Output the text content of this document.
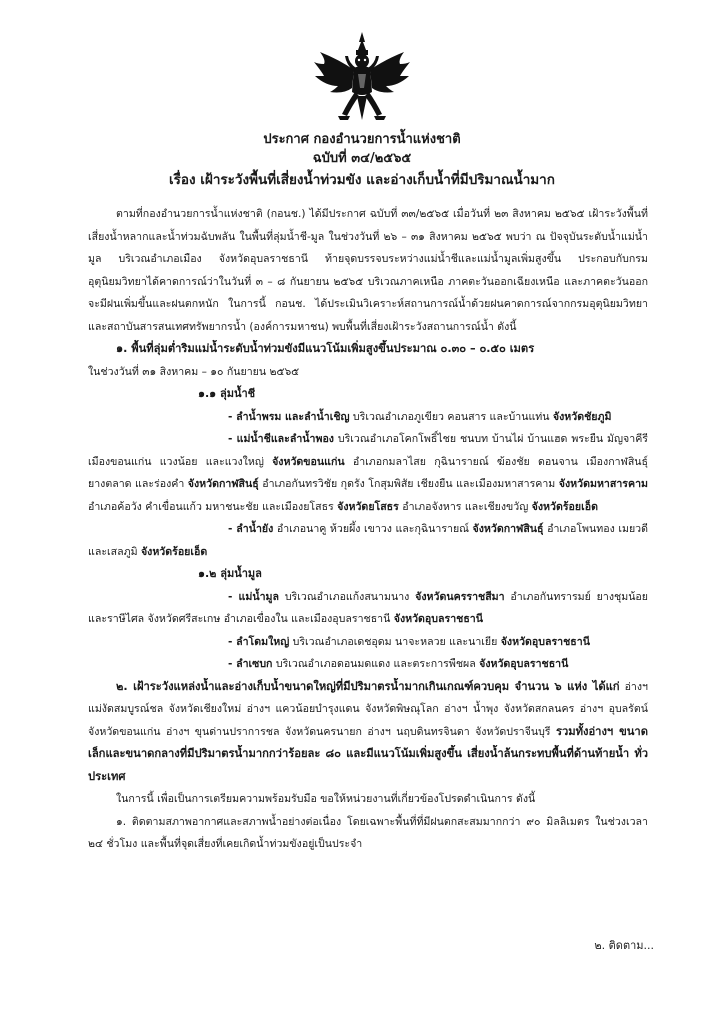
ประกาศ กองอำนวยการน้ำแห่งชาติ
ฉบับที่ ๓๔/๒๕๖๕
เรื่อง เฝ้าระวังพื้นที่เสี่ยงน้ำท่วมขัง และอ่างเก็บน้ำที่มีปริมาณน้ำมาก

ตามที่กองอำนวยการน้ำแห่งชาติ (กอนช.) ได้มีประกาศ ฉบับที่ ๓๓/๒๕๖๕ เมื่อวันที่ ๒๓ สิงหาคม ๒๕๖๕ เฝ้าระวังพื้นที่เสี่ยงน้ำหลากและน้ำท่วมฉับพลัน ในพื้นที่ลุ่มน้ำชี-มูล ในช่วงวันที่ ๒๖ – ๓๑ สิงหาคม ๒๕๖๕ พบว่า ณ ปัจจุบันระดับน้ำแม่น้ำมูล บริเวณอำเภอเมือง จังหวัดอุบลราชธานี ท้ายจุดบรรจบระหว่างแม่น้ำชีและแม่น้ำมูลเพิ่มสูงขึ้น ประกอบกับกรมอุตุนิยมวิทยาได้คาดการณ์ว่าในวันที่ ๓ – ๘ กันยายน ๒๕๖๕ บริเวณภาคเหนือ ภาคตะวันออกเฉียงเหนือ และภาคตะวันออก จะมีฝนเพิ่มขึ้นและฝนตกหนัก ในการนี้ กอนช. ได้ประเมินวิเคราะห์สถานการณ์น้ำด้วยฝนคาดการณ์จากกรมอุตุนิยมวิทยา และสถาบันสารสนเทศทรัพยากรน้ำ (องค์การมหาชน) พบพื้นที่เสี่ยงเฝ้าระวังสถานการณ์น้ำ ดังนี้

๑. พื้นที่ลุ่มต่ำริมแม่น้ำระดับน้ำท่วมขังมีแนวโน้มเพิ่มสูงขึ้นประมาณ ๐.๓๐ – ๐.๕๐ เมตร

ในช่วงวันที่ ๓๑ สิงหาคม – ๑๐ กันยายน ๒๕๖๕

๑.๑ ลุ่มน้ำชี

- ลำน้ำพรม และลำน้ำเชิญ บริเวณอำเภอภูเขียว คอนสาร และบ้านแท่น จังหวัดชัยภูมิ

- แม่น้ำชีและลำน้ำพอง บริเวณอำเภอโคกโพธิ์ไชย ชนบท บ้านไผ่ บ้านแฮด พระยืน มัญจาคีรี เมืองขอนแก่น แวงน้อย และแวงใหญ่ จังหวัดขอนแก่น อำเภอกมลาไสย กุฉินารายณ์ ฆ้องชัย ดอนจาน เมืองกาฬสินธุ์ ยางตลาด และร่องคำ จังหวัดกาฬสินธุ์ อำเภอกันทรวิชัย กุดรัง โกสุมพิสัย เชียงยืน และเมืองมหาสารคาม จังหวัดมหาสารคาม อำเภอค้อวัง คำเขื่อนแก้ว มหาชนะชัย และเมืองยโสธร จังหวัดยโสธร อำเภอจังหาร และเชียงขวัญ จังหวัดร้อยเอ็ด

- ลำน้ำยัง อำเภอนาคู ห้วยผึ้ง เขาวง และกุฉินารายณ์ จังหวัดกาฬสินธุ์ อำเภอโพนทอง เมยวดี และเสลภูมิ จังหวัดร้อยเอ็ด

๑.๒ ลุ่มน้ำมูล

- แม่น้ำมูล บริเวณอำเภอแก้งสนามนาง จังหวัดนครราชสีมา อำเภอกันทรารมย์ ยางชุมน้อย และราษีไศล จังหวัดศรีสะเกษ อำเภอเขื่องใน และเมืองอุบลราชธานี จังหวัดอุบลราชธานี

- ลำโดมใหญ่ บริเวณอำเภอเดชอุดม นาจะหลวย และนาเยีย จังหวัดอุบลราชธานี

- ลำเซบก บริเวณอำเภอดอนมดแดง และตระการพืชผล จังหวัดอุบลราชธานี

๒. เฝ้าระวังแหล่งน้ำและอ่างเก็บน้ำขนาดใหญ่ที่มีปริมาตรน้ำมากเกินเกณฑ์ควบคุม จำนวน ๖ แห่ง ได้แก่ อ่างฯ แม่งัดสมบูรณ์ชล จังหวัดเชียงใหม่ อ่างฯ แควน้อยบำรุงแดน จังหวัดพิษณุโลก อ่างฯ น้ำพุง จังหวัดสกลนคร อ่างฯ อุบลรัตน์ จังหวัดขอนแก่น อ่างฯ ขุนด่านปราการชล จังหวัดนครนายก อ่างฯ นฤบดินทรจินดา จังหวัดปราจีนบุรี รวมทั้งอ่างฯ ขนาดเล็กและขนาดกลางที่มีปริมาตรน้ำมากกว่าร้อยละ ๘๐ และมีแนวโน้มเพิ่มสูงขึ้น เสี่ยงน้ำล้นกระทบพื้นที่ด้านท้ายน้ำ ทั่วประเทศ

ในการนี้ เพื่อเป็นการเตรียมความพร้อมรับมือ ขอให้หน่วยงานที่เกี่ยวข้องโปรดดำเนินการ ดังนี้

๑. ติดตามสภาพอากาศและสภาพน้ำอย่างต่อเนื่อง โดยเฉพาะพื้นที่ที่มีฝนตกสะสมมากกว่า ๙๐ มิลลิเมตร ในช่วงเวลา ๒๔ ชั่วโมง และพื้นที่จุดเสี่ยงที่เคยเกิดน้ำท่วมขังอยู่เป็นประจำ

๒. ติดตาม...
